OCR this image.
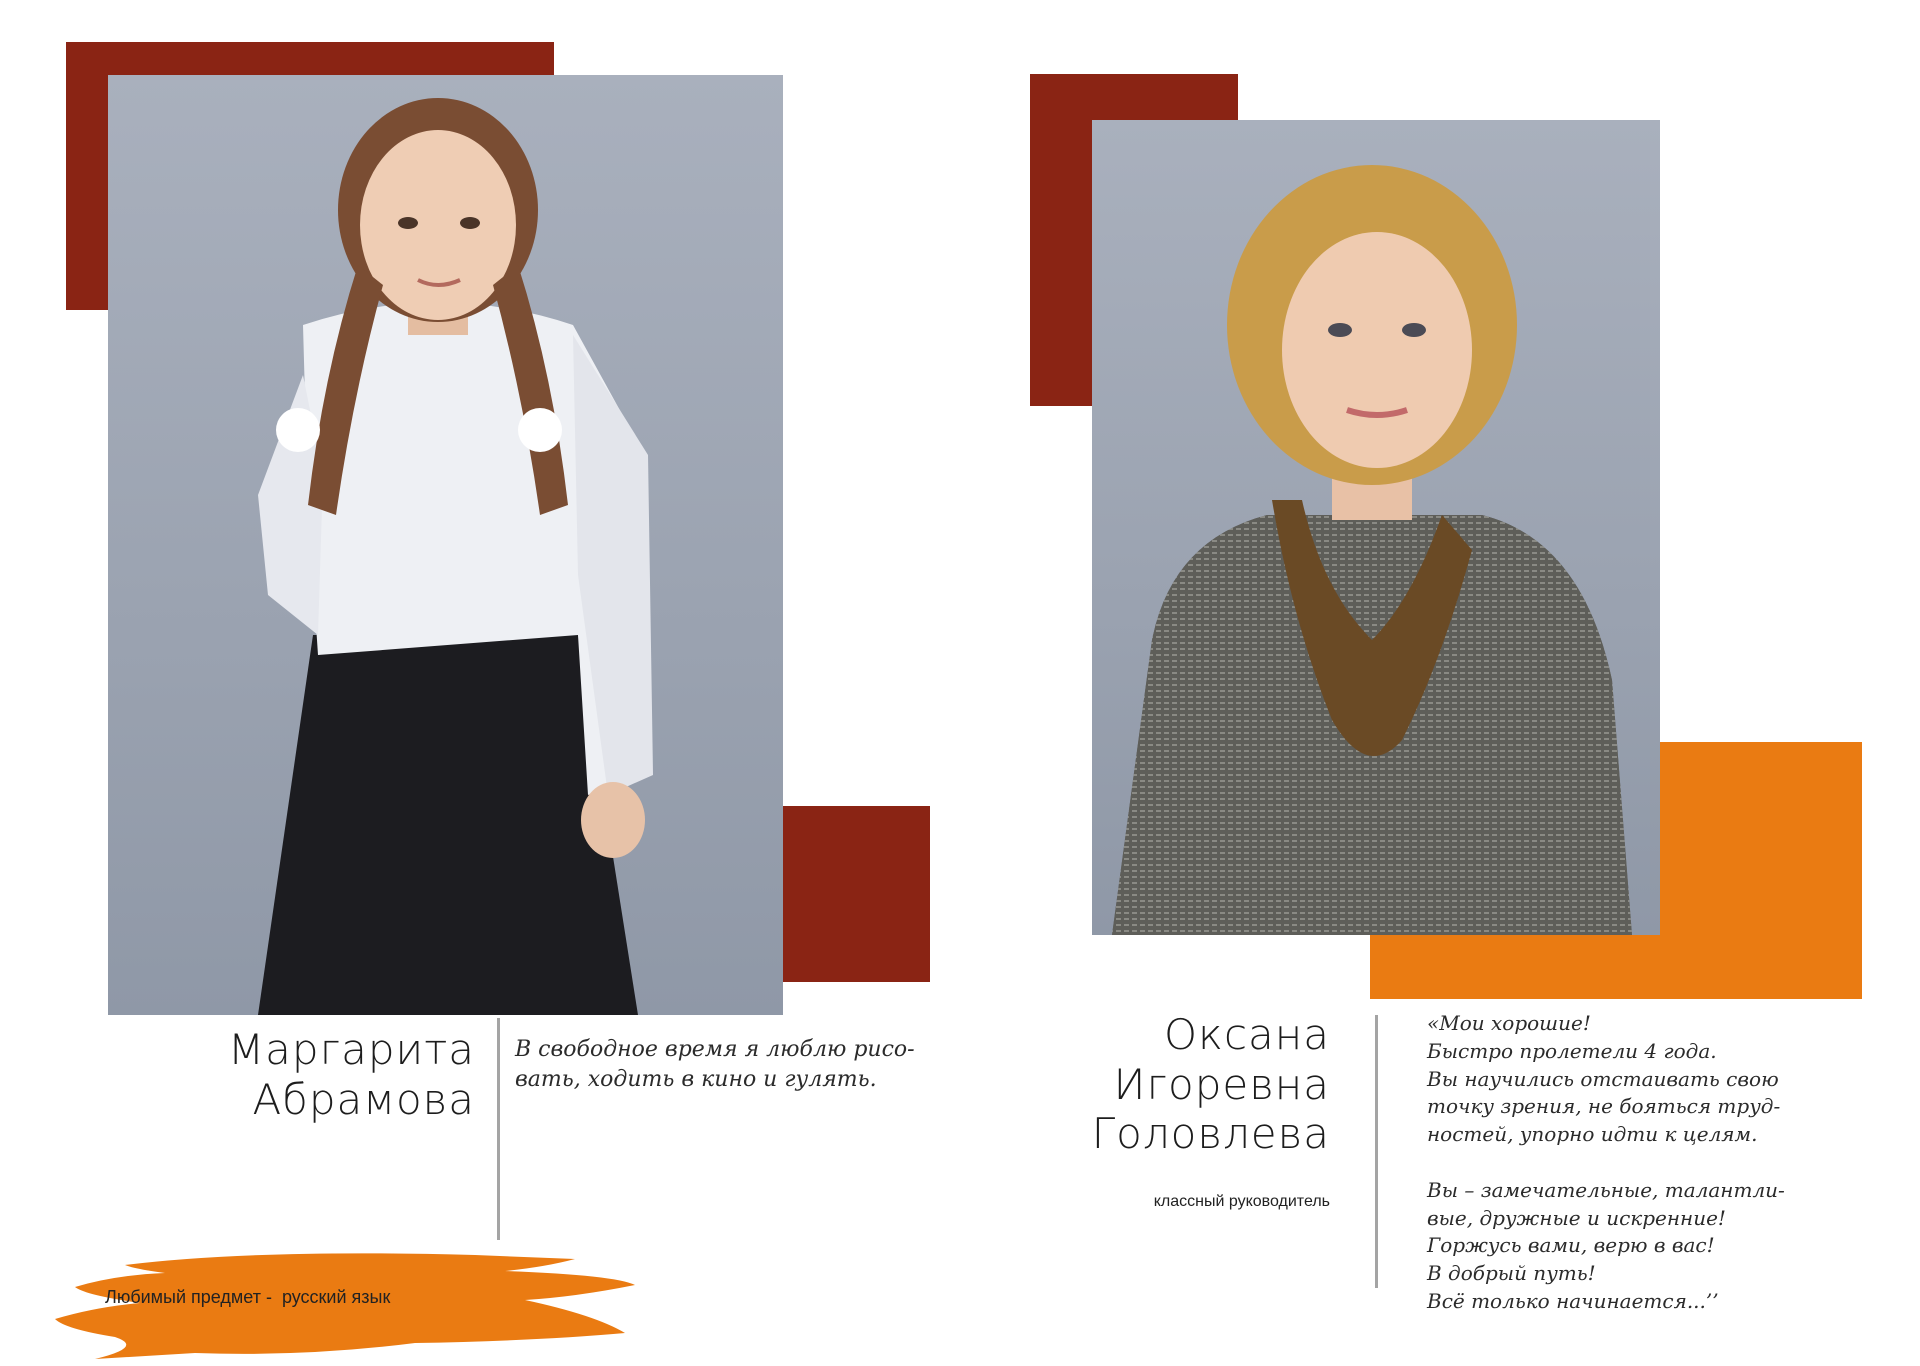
Маргарита
Абрамова
В свободное время я люблю рисо-
вать, ходить в кино и гулять.
Любимый предмет -  русский язык
Оксана
Игоревна
Головлева
классный руководитель
«Мои хорошие!
Быстро пролетели 4 года.
Вы научились отстаивать свою
точку зрения, не бояться труд-
ностей, упорно идти к целям.

Вы – замечательные, талантли-
вые, дружные и искренние!
Горжусь вами, верю в вас!
В добрый путь!
Всё только начинается...’’
